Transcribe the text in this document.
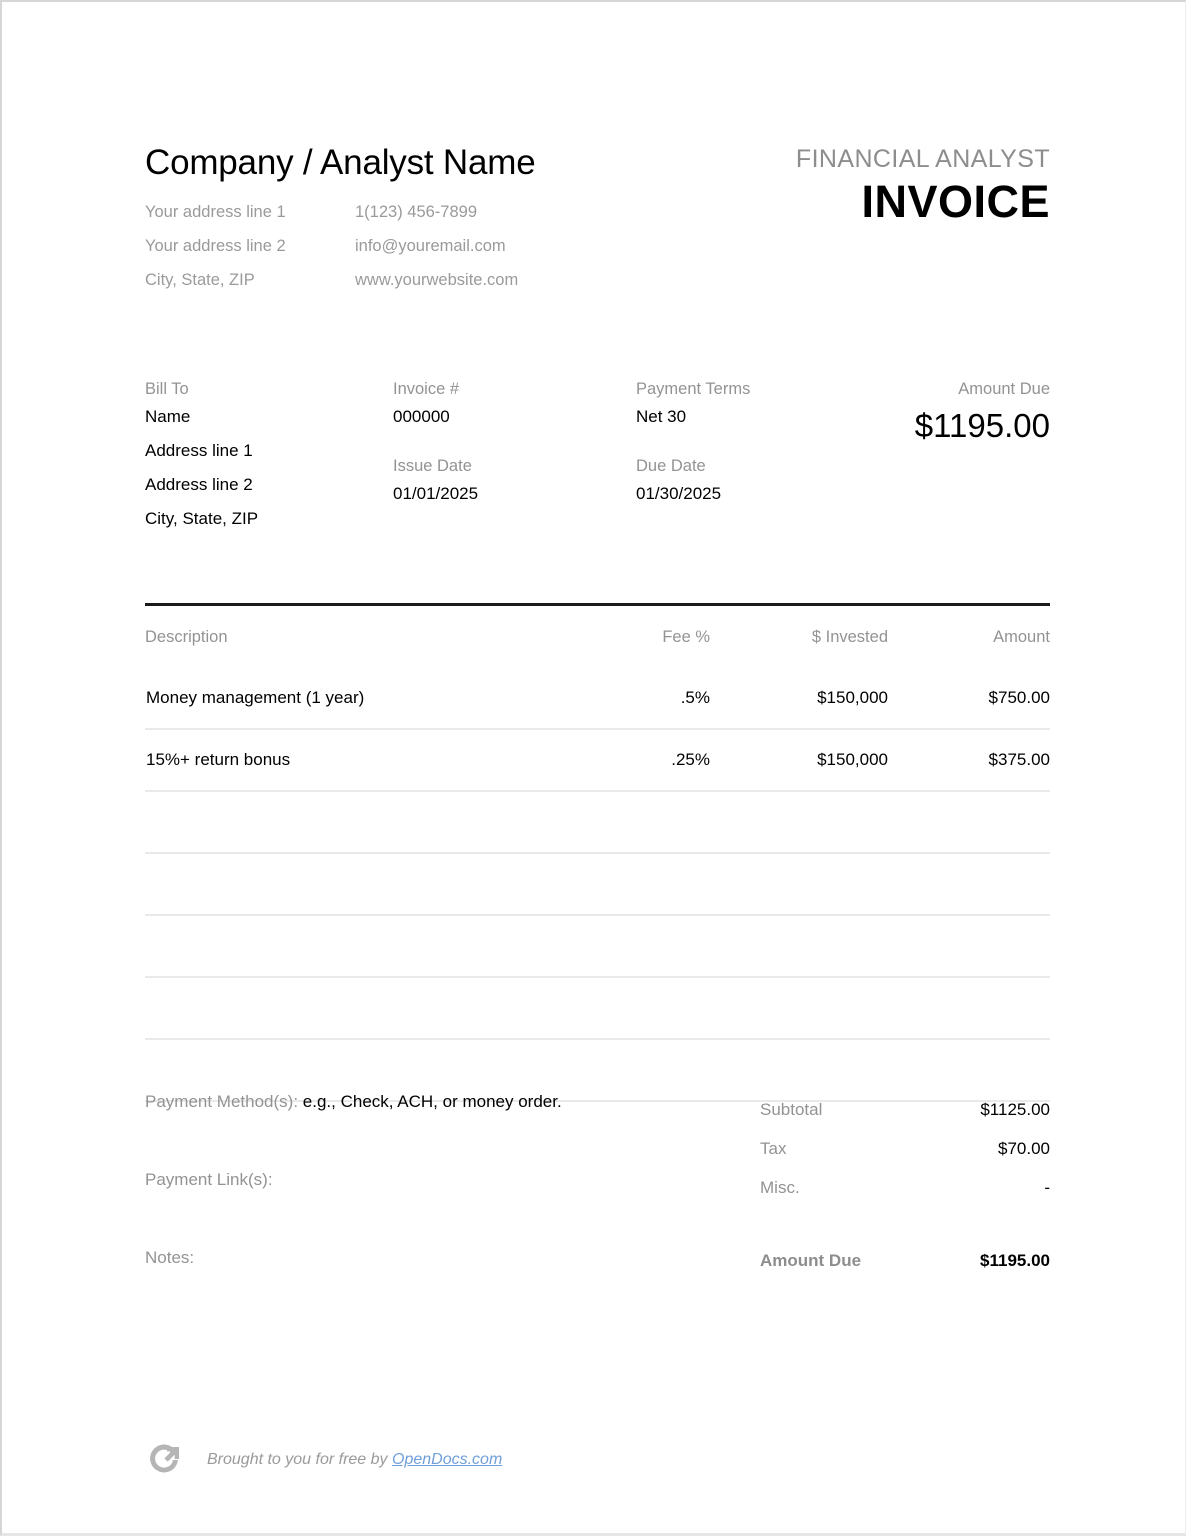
Company / Analyst Name
Your address line 1	1(123) 456-7899
Your address line 2	info@youremail.com
City, State, ZIP	www.yourwebsite.com
FINANCIAL ANALYST
INVOICE
Bill To
Name
Address line 1
Address line 2
City, State, ZIP
Invoice #
000000
Issue Date
01/01/2025
Payment Terms
Net 30
Due Date
01/30/2025
Amount Due
$1195.00
Description	Fee %	$ Invested	Amount
Money management (1 year)	.5%	$150,000	$750.00
15%+ return bonus	.25%	$150,000	$375.00

Payment Method(s): e.g., Check, ACH, or money order.
Payment Link(s):
Notes:
Subtotal	$1125.00
Tax	$70.00
Misc.	-
Amount Due	$1195.00
Brought to you for free by OpenDocs.com
